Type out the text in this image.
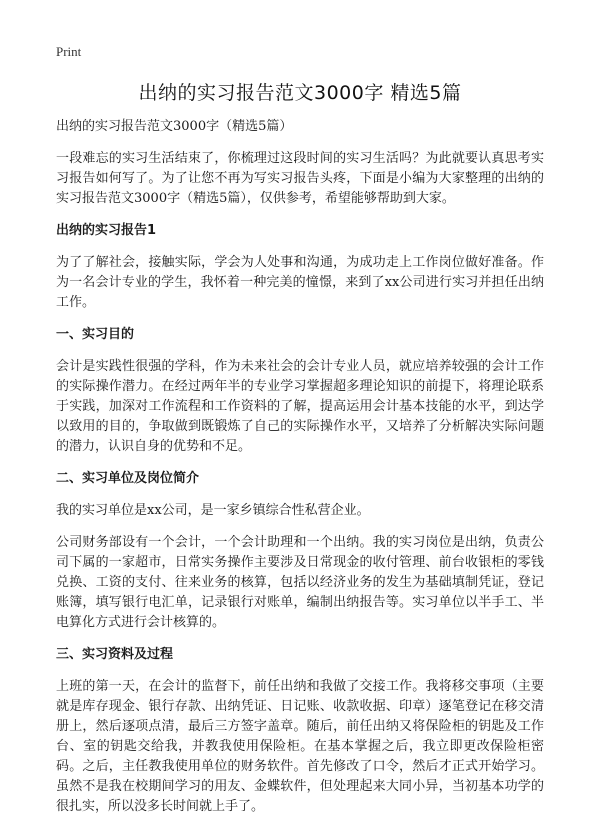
Print
出纳的实习报告范文3000字 精选5篇

出纳的实习报告范文3000字（精选5篇）

一段难忘的实习生活结束了，你梳理过这段时间的实习生活吗？为此就要认真思考实习报告如何写了。为了让您不再为写实习报告头疼，下面是小编为大家整理的出纳的实习报告范文3000字（精选5篇），仅供参考，希望能够帮助到大家。

出纳的实习报告1

为了了解社会，接触实际，学会为人处事和沟通，为成功走上工作岗位做好准备。作为一名会计专业的学生，我怀着一种完美的憧憬，来到了xx公司进行实习并担任出纳工作。

一、实习目的

会计是实践性很强的学科，作为未来社会的会计专业人员，就应培养较强的会计工作的实际操作潜力。在经过两年半的专业学习掌握超多理论知识的前提下，将理论联系于实践，加深对工作流程和工作资料的了解，提高运用会计基本技能的水平，到达学以致用的目的，争取做到既锻炼了自己的实际操作水平，又培养了分析解决实际问题的潜力，认识自身的优势和不足。

二、实习单位及岗位简介

我的实习单位是xx公司，是一家乡镇综合性私营企业。

公司财务部设有一个会计，一个会计助理和一个出纳。我的实习岗位是出纳，负责公司下属的一家超市，日常实务操作主要涉及日常现金的收付管理、前台收银柜的零钱兑换、工资的支付、往来业务的核算，包括以经济业务的发生为基础填制凭证，登记账簿，填写银行电汇单，记录银行对账单，编制出纳报告等。实习单位以半手工、半电算化方式进行会计核算的。

三、实习资料及过程

上班的第一天，在会计的监督下，前任出纳和我做了交接工作。我将移交事项（主要就是库存现金、银行存款、出纳凭证、日记账、收款收据、印章）逐笔登记在移交清册上，然后逐项点清，最后三方签字盖章。随后，前任出纳又将保险柜的钥匙及工作台、室的钥匙交给我，并教我使用保险柜。在基本掌握之后，我立即更改保险柜密码。之后，主任教我使用单位的财务软件。首先修改了口令，然后才正式开始学习。虽然不是我在校期间学习的用友、金蝶软件，但处理起来大同小异，当初基本功学的很扎实，所以没多长时间就上手了。
